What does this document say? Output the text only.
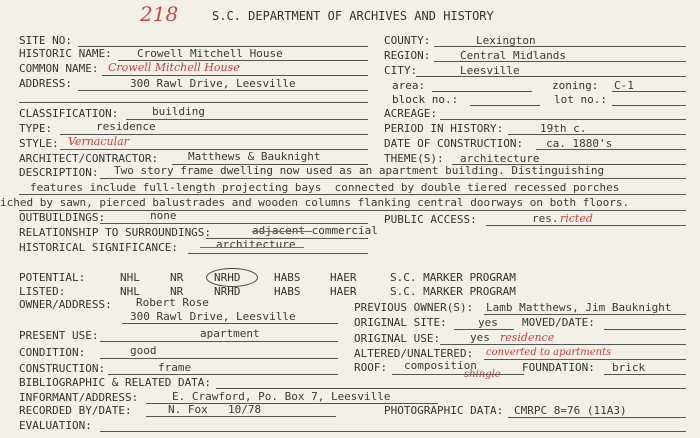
218	S.C. DEPARTMENT OF ARCHIVES AND HISTORY
SITE NO:
HISTORIC NAME: Crowell Mitchell House
COMMON NAME: Crowell Mitchell House
ADDRESS:	300 Rawl Drive, Leesville
COUNTY:	Lexington
REGION:	Central Midlands
CITY:	Leesville
area:	zoning: C-1
block no.:	lot no.:
ACREAGE:
CLASSIFICATION:	building
TYPE:	residence
STYLE: Vernacular
ARCHITECT/CONTRACTOR:	Matthews & Bauknight
PERIOD IN HISTORY:	19th c.
DATE OF CONSTRUCTION: ca. 1880's
THEME(S): architecture
DESCRIPTION: Two story frame dwelling now used as an apartment building. Distinguishing
features include full-length projecting bays  connected by double tiered recessed porches
iched by sawn, pierced balustrades and wooden columns flanking central doorways on both floors.
OUTBUILDINGS:	none	PUBLIC ACCESS:	res. ricted
RELATIONSHIP TO SURROUNDINGS:	adjacent commercial
HISTORICAL SIGNIFICANCE:	architecture
POTENTIAL:	NHL	NR	NRHD	HABS	HAER	S.C. MARKER PROGRAM
LISTED:	NHL	NR	NRHD	HABS	HAER	S.C. MARKER PROGRAM
OWNER/ADDRESS: Robert Rose
300 Rawl Drive, Leesville
PREVIOUS OWNER(S): Lamb Matthews, Jim Bauknight
ORIGINAL SITE:	yes MOVED/DATE:
PRESENT USE:	apartment	ORIGINAL USE:	yes residence
CONDITION:	good	ALTERED/UNALTERED: converted to apartments
CONSTRUCTION:	frame	ROOF: composition
shingle
FOUNDATION: brick
BIBLIOGRAPHIC & RELATED DATA:
INFORMANT/ADDRESS:	E. Crawford, Po. Box 7, Leesville
RECORDED BY/DATE:	N. Fox 10/78	PHOTOGRAPHIC DATA: CMRPC 8=76 (11A3)
EVALUATION:
